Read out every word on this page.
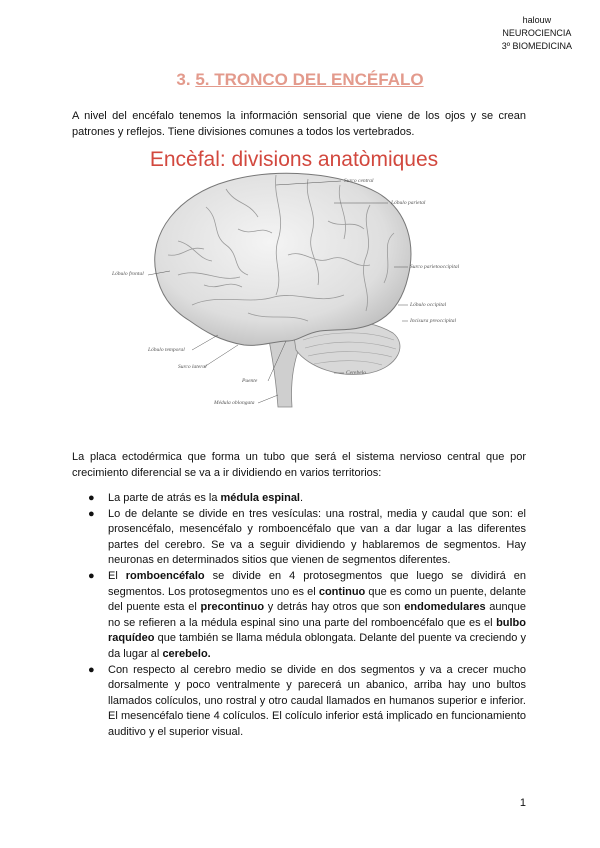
halouw
NEUROCIENCIA
3º BIOMEDICINA
3. 5. TRONCO DEL ENCÉFALO
A nivel del encéfalo tenemos la información sensorial que viene de los ojos y se crean patrones y reflejos. Tiene divisiones comunes a todos los vertebrados.
Encèfal: divisions anatòmiques
Surco central
Lóbulo parietal
Lóbulo frontal
Surco parietooccipital
Lóbulo occipital
Incisura preoccipital
Lóbulo temporal
Surco lateral
Puente
Cerebelo
Médula oblongata
La placa ectodérmica que forma un tubo que será el sistema nervioso central que por crecimiento diferencial se va a ir dividiendo en varios territorios:
● La parte de atrás es la médula espinal.
● Lo de delante se divide en tres vesículas: una rostral, media y caudal que son: el prosencéfalo, mesencéfalo y romboencéfalo que van a dar lugar a las diferentes partes del cerebro. Se va a seguir dividiendo y hablaremos de segmentos. Hay neuronas en determinados sitios que vienen de segmentos diferentes.
● El romboencéfalo se divide en 4 protosegmentos que luego se dividirá en segmentos. Los protosegmentos uno es el continuo que es como un puente, delante del puente esta el precontinuo y detrás hay otros que son endomedulares aunque no se refieren a la médula espinal sino una parte del romboencéfalo que es el bulbo raquídeo que también se llama médula oblongata. Delante del puente va creciendo y da lugar al cerebelo.
● Con respecto al cerebro medio se divide en dos segmentos y va a crecer mucho dorsalmente y poco ventralmente y parecerá un abanico, arriba hay uno bultos llamados colículos, uno rostral y otro caudal llamados en humanos superior e inferior. El mesencéfalo tiene 4 colículos. El colículo inferior está implicado en funcionamiento auditivo y el superior visual.
1
